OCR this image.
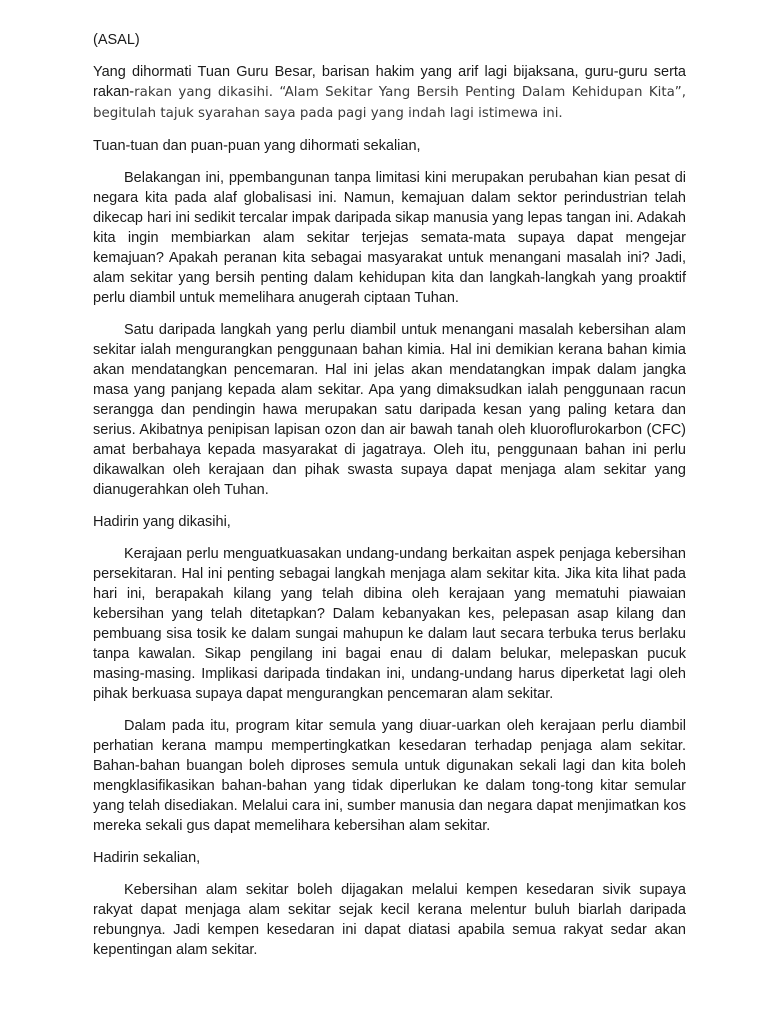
(ASAL)

Yang dihormati Tuan Guru Besar, barisan hakim yang arif lagi bijaksana, guru-guru serta rakan-rakan yang dikasihi. “Alam Sekitar Yang Bersih Penting Dalam Kehidupan Kita”, begitulah tajuk syarahan saya pada pagi yang indah lagi istimewa ini.

Tuan-tuan dan puan-puan yang dihormati sekalian,

Belakangan ini, ppembangunan tanpa limitasi kini merupakan perubahan kian pesat di negara kita pada alaf globalisasi ini. Namun, kemajuan dalam sektor perindustrian telah dikecap hari ini sedikit tercalar impak daripada sikap manusia yang lepas tangan ini. Adakah kita ingin membiarkan alam sekitar terjejas semata-mata supaya dapat mengejar kemajuan? Apakah peranan kita sebagai masyarakat untuk menangani masalah ini? Jadi, alam sekitar yang bersih penting dalam kehidupan kita dan langkah-langkah yang proaktif perlu diambil untuk memelihara anugerah ciptaan Tuhan.

Satu daripada langkah yang perlu diambil untuk menangani masalah kebersihan alam sekitar ialah mengurangkan penggunaan bahan kimia. Hal ini demikian kerana bahan kimia akan mendatangkan pencemaran. Hal ini jelas akan mendatangkan impak dalam jangka masa yang panjang kepada alam sekitar. Apa yang dimaksudkan ialah penggunaan racun serangga dan pendingin hawa merupakan satu daripada kesan yang paling ketara dan serius. Akibatnya penipisan lapisan ozon dan air bawah tanah oleh kluoroflurokarbon (CFC) amat berbahaya kepada masyarakat di jagatraya. Oleh itu, penggunaan bahan ini perlu dikawalkan oleh kerajaan dan pihak swasta supaya dapat menjaga alam sekitar yang dianugerahkan oleh Tuhan.

Hadirin yang dikasihi,

Kerajaan perlu menguatkuasakan undang-undang berkaitan aspek penjaga kebersihan persekitaran. Hal ini penting sebagai langkah menjaga alam sekitar kita. Jika kita lihat pada hari ini, berapakah kilang yang telah dibina oleh kerajaan yang mematuhi piawaian kebersihan yang telah ditetapkan? Dalam kebanyakan kes, pelepasan asap kilang dan pembuang sisa tosik ke dalam sungai mahupun ke dalam laut secara terbuka terus berlaku tanpa kawalan. Sikap pengilang ini bagai enau di dalam belukar, melepaskan pucuk masing-masing. Implikasi daripada tindakan ini, undang-undang harus diperketat lagi oleh pihak berkuasa supaya dapat mengurangkan pencemaran alam sekitar.

Dalam pada itu, program kitar semula yang diuar-uarkan oleh kerajaan perlu diambil perhatian kerana mampu mempertingkatkan kesedaran terhadap penjaga alam sekitar. Bahan-bahan buangan boleh diproses semula untuk digunakan sekali lagi dan kita boleh mengklasifikasikan bahan-bahan yang tidak diperlukan ke dalam tong-tong kitar semular yang telah disediakan. Melalui cara ini, sumber manusia dan negara dapat menjimatkan kos mereka sekali gus dapat memelihara kebersihan alam sekitar.

Hadirin sekalian,

Kebersihan alam sekitar boleh dijagakan melalui kempen kesedaran sivik supaya rakyat dapat menjaga alam sekitar sejak kecil kerana melentur buluh biarlah daripada rebungnya. Jadi kempen kesedaran ini dapat diatasi apabila semua rakyat sedar akan kepentingan alam sekitar.
